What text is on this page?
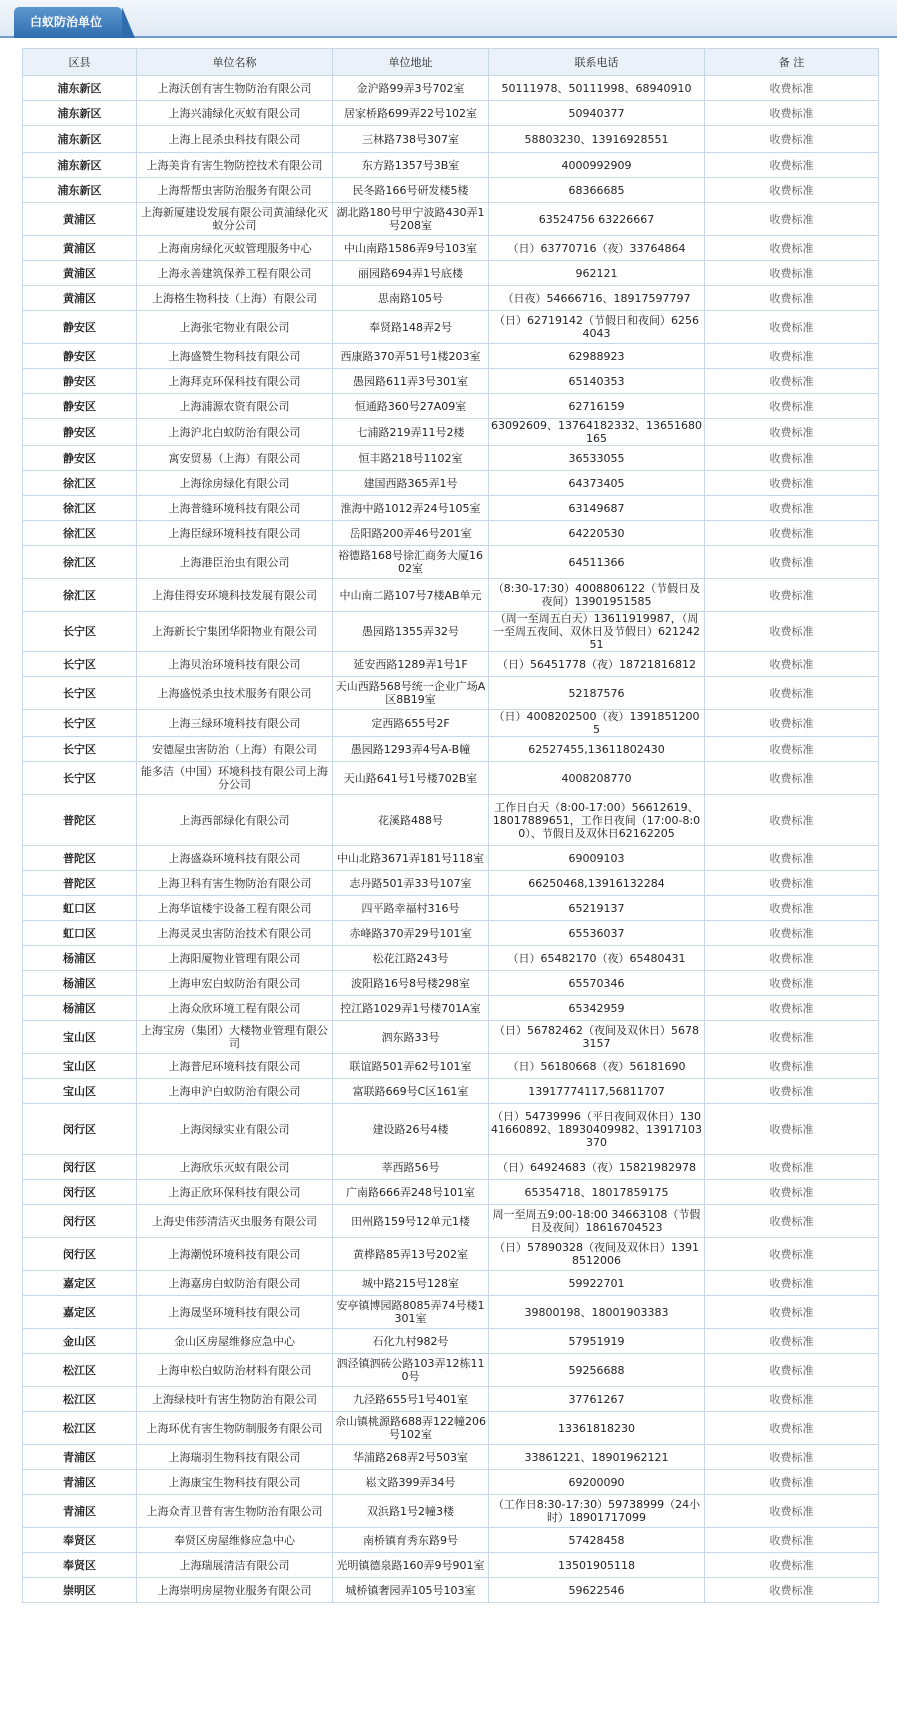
白蚁防治单位
区县	单位名称	单位地址	联系电话	备 注
浦东新区	上海沃创有害生物防治有限公司	金沪路99弄3号702室	50111978、50111998、68940910	收费标准
浦东新区	上海兴浦绿化灭蚁有限公司	居家桥路699弄22号102室	50940377	收费标准
浦东新区	上海上昆杀虫科技有限公司	三林路738号307室	58803230、13916928551	收费标准
浦东新区	上海美肯有害生物防控技术有限公司	东方路1357号3B室	4000992909	收费标准
浦东新区	上海帮帮虫害防治服务有限公司	民冬路166号研发楼5楼	68366685	收费标准
黄浦区	上海新厦建设发展有限公司黄浦绿化灭蚁分公司	湖北路180号甲宁波路430弄1号208室	63524756 63226667	收费标准
黄浦区	上海南房绿化灭蚁管理服务中心	中山南路1586弄9号103室	（日）63770716（夜）33764864	收费标准
黄浦区	上海永善建筑保养工程有限公司	丽园路694弄1号底楼	962121	收费标准
黄浦区	上海格生物科技（上海）有限公司	思南路105号	（日夜）54666716、18917597797	收费标准
静安区	上海张宅物业有限公司	奉贤路148弄2号	（日）62719142（节假日和夜间）62564043	收费标准
静安区	上海盛赞生物科技有限公司	西康路370弄51号1楼203室	62988923	收费标准
静安区	上海拜克环保科技有限公司	愚园路611弄3号301室	65140353	收费标准
静安区	上海浦源农资有限公司	恒通路360号27A09室	62716159	收费标准
静安区	上海沪北白蚁防治有限公司	七浦路219弄11号2楼	63092609、13764182332、13651680165	收费标准
静安区	寓安贸易（上海）有限公司	恒丰路218号1102室	36533055	收费标准
徐汇区	上海徐房绿化有限公司	建国西路365弄1号	64373405	收费标准
徐汇区	上海普缝环境科技有限公司	淮海中路1012弄24号105室	63149687	收费标准
徐汇区	上海臣绿环境科技有限公司	岳阳路200弄46号201室	64220530	收费标准
徐汇区	上海港臣治虫有限公司	裕德路168号徐汇商务大厦1602室	64511366	收费标准
徐汇区	上海佳得安环境科技发展有限公司	中山南二路107号7楼AB单元	（8:30-17:30）4008806122（节假日及夜间）13901951585	收费标准
长宁区	上海新长宁集团华阳物业有限公司	愚园路1355弄32号	（周一至周五白天）13611919987，（周一至周五夜间、双休日及节假日）62124251	收费标准
长宁区	上海贝治环境科技有限公司	延安西路1289弄1号1F	（日）56451778（夜）18721816812	收费标准
长宁区	上海盛悦杀虫技术服务有限公司	天山西路568号统一企业广场A区8B19室	52187576	收费标准
长宁区	上海三绿环境科技有限公司	定西路655号2F	（日）4008202500（夜）13918512005	收费标准
长宁区	安德屋虫害防治（上海）有限公司	愚园路1293弄4号A-B幢	62527455,13611802430	收费标准
长宁区	能多洁（中国）环境科技有限公司上海分公司	天山路641号1号楼702B室	4008208770	收费标准
普陀区	上海西部绿化有限公司	花溪路488号	工作日白天（8:00-17:00）56612619、18017889651，工作日夜间（17:00-8:00）、节假日及双休日62162205	收费标准
普陀区	上海盛焱环境科技有限公司	中山北路3671弄181号118室	69009103	收费标准
普陀区	上海卫科有害生物防治有限公司	志丹路501弄33号107室	66250468,13916132284	收费标准
虹口区	上海华谊楼宇设备工程有限公司	四平路幸福村316号	65219137	收费标准
虹口区	上海灵灵虫害防治技术有限公司	赤峰路370弄29号101室	65536037	收费标准
杨浦区	上海阳厦物业管理有限公司	松花江路243号	（日）65482170（夜）65480431	收费标准
杨浦区	上海申宏白蚁防治有限公司	波阳路16号8号楼298室	65570346	收费标准
杨浦区	上海众欣环境工程有限公司	控江路1029弄1号楼701A室	65342959	收费标准
宝山区	上海宝房（集团）大楼物业管理有限公司	泗东路33号	（日）56782462（夜间及双休日）56783157	收费标准
宝山区	上海普尼环境科技有限公司	联谊路501弄62号101室	（日）56180668（夜）56181690	收费标准
宝山区	上海申沪白蚁防治有限公司	富联路669号C区161室	13917774117,56811707	收费标准
闵行区	上海闵绿实业有限公司	建设路26号4楼	（日）54739996（平日夜间双休日）13041660892、18930409982、13917103370	收费标准
闵行区	上海欣乐灭蚁有限公司	莘西路56号	（日）64924683（夜）15821982978	收费标准
闵行区	上海正欣环保科技有限公司	广南路666弄248号101室	65354718、18017859175	收费标准
闵行区	上海史伟莎清洁灭虫服务有限公司	田州路159号12单元1楼	周一至周五9:00-18:00 34663108（节假日及夜间）18616704523	收费标准
闵行区	上海潮悦环境科技有限公司	黄桦路85弄13号202室	（日）57890328（夜间及双休日）13918512006	收费标准
嘉定区	上海嘉房白蚁防治有限公司	城中路215号128室	59922701	收费标准
嘉定区	上海晟坚环境科技有限公司	安亭镇博园路8085弄74号楼1301室	39800198、18001903383	收费标准
金山区	金山区房屋维修应急中心	石化九村982号	57951919	收费标准
松江区	上海申松白蚁防治材料有限公司	泗泾镇泗砖公路103弄12栋110号	59256688	收费标准
松江区	上海绿枝叶有害生物防治有限公司	九泾路655号1号401室	37761267	收费标准
松江区	上海环优有害生物防制服务有限公司	佘山镇桃源路688弄122幢206号102室	13361818230	收费标准
青浦区	上海瑞羽生物科技有限公司	华浦路268弄2号503室	33861221、18901962121	收费标准
青浦区	上海康宝生物科技有限公司	崧文路399弄34号	69200090	收费标准
青浦区	上海众青卫普有害生物防治有限公司	双浜路1号2幢3楼	（工作日8:30-17:30）59738999（24小时）18901717099	收费标准
奉贤区	奉贤区房屋维修应急中心	南桥镇育秀东路9号	57428458	收费标准
奉贤区	上海瑞展清洁有限公司	光明镇德泉路160弄9号901室	13501905118	收费标准
崇明区	上海崇明房屋物业服务有限公司	城桥镇奢园弄105号103室	59622546	收费标准
